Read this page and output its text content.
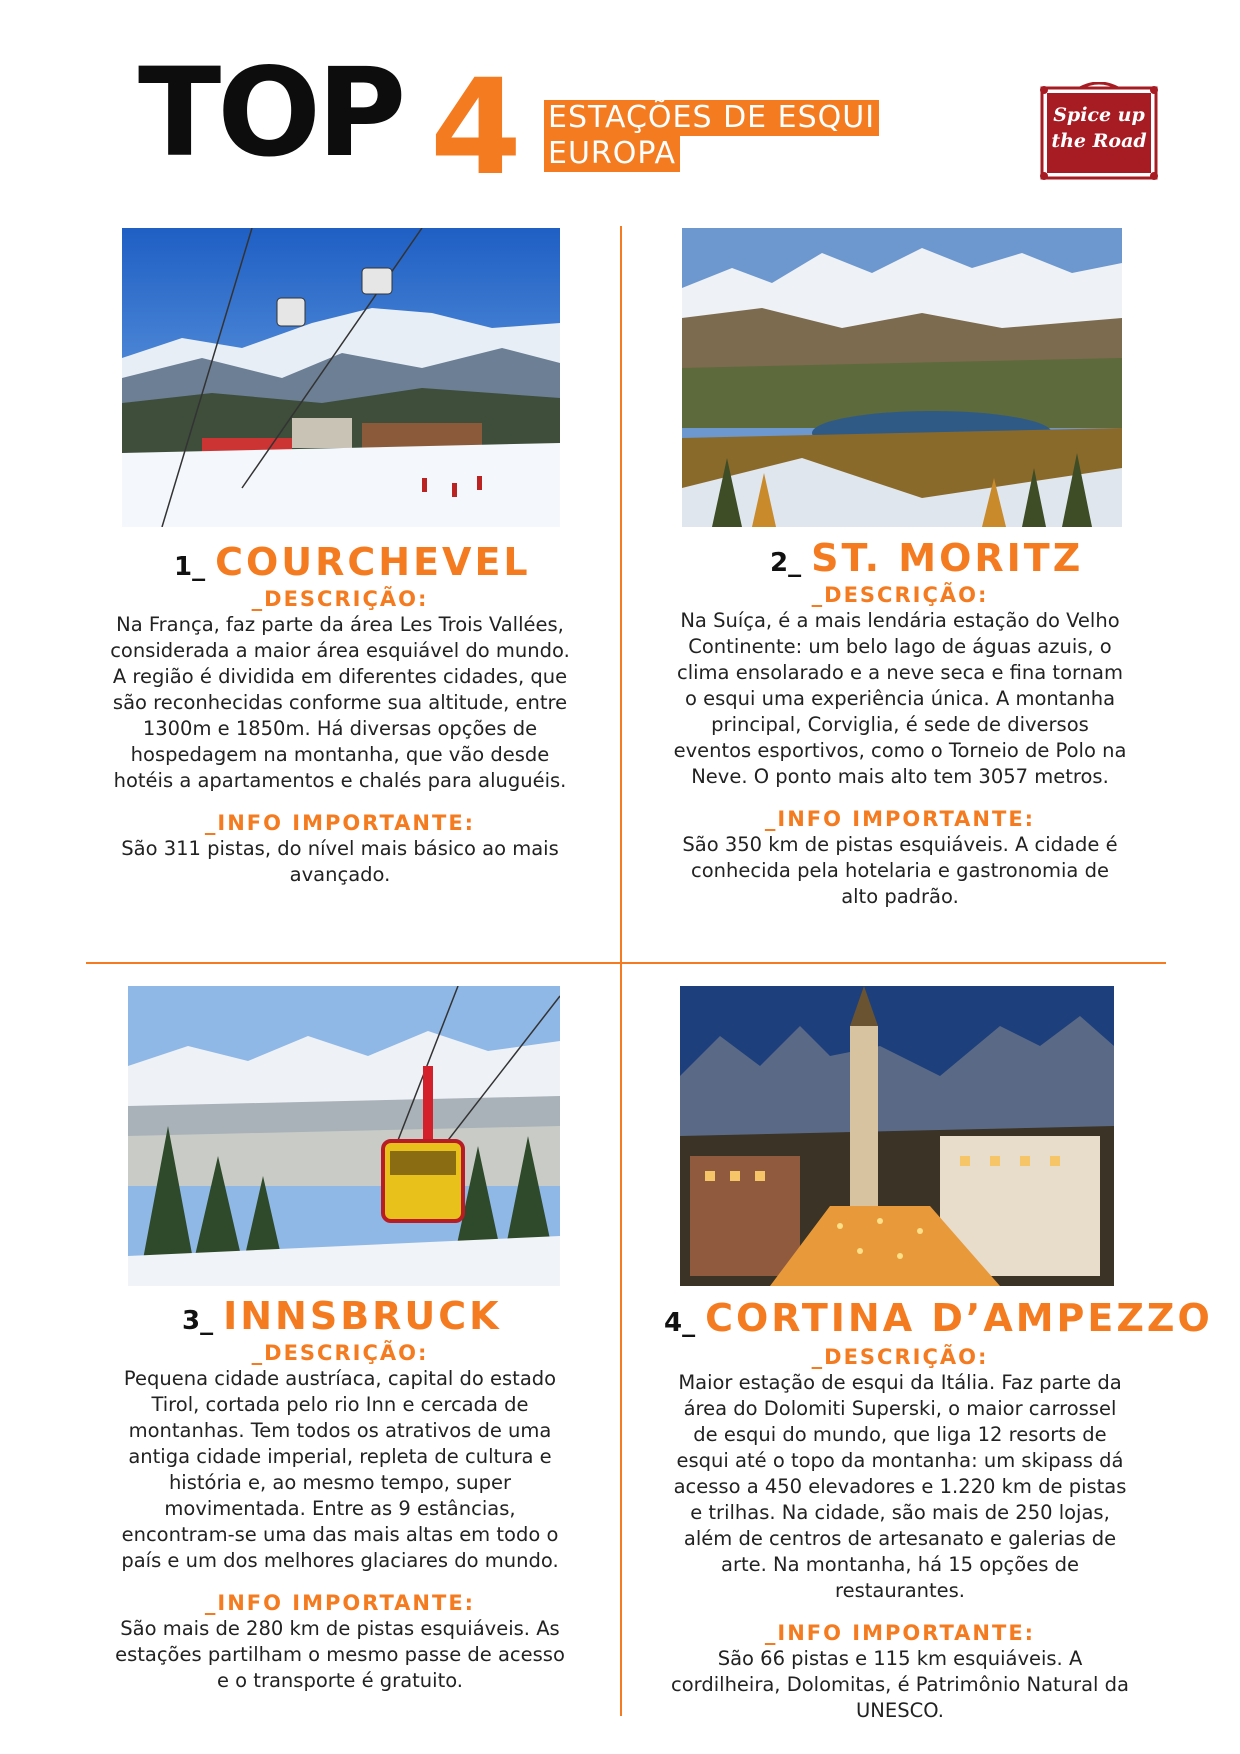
TOP 4 ESTAÇÕES DE ESQUI
EUROPA
Spice up
the Road
1_ COURCHEVEL
_DESCRIÇÃO:
Na França, faz parte da área Les Trois Vallées, considerada a maior área esquiável do mundo. A região é dividida em diferentes cidades, que são reconhecidas conforme sua altitude, entre 1300m e 1850m. Há diversas opções de hospedagem na montanha, que vão desde hotéis a apartamentos e chalés para aluguéis.
_INFO IMPORTANTE:
São 311 pistas, do nível mais básico ao mais avançado.
2_ ST. MORITZ
_DESCRIÇÃO:
Na Suíça, é a mais lendária estação do Velho Continente: um belo lago de águas azuis, o clima ensolarado e a neve seca e fina tornam o esqui uma experiência única. A montanha principal, Corviglia, é sede de diversos eventos esportivos, como o Torneio de Polo na Neve. O ponto mais alto tem 3057 metros.
_INFO IMPORTANTE:
São 350 km de pistas esquiáveis. A cidade é conhecida pela hotelaria e gastronomia de alto padrão.
3_ INNSBRUCK
_DESCRIÇÃO:
Pequena cidade austríaca, capital do estado Tirol, cortada pelo rio Inn e cercada de montanhas. Tem todos os atrativos de uma antiga cidade imperial, repleta de cultura e história e, ao mesmo tempo, super movimentada. Entre as 9 estâncias, encontram-se uma das mais altas em todo o país e um dos melhores glaciares do mundo.
_INFO IMPORTANTE:
São mais de 280 km de pistas esquiáveis. As estações partilham o mesmo passe de acesso e o transporte é gratuito.
4_ CORTINA D’AMPEZZO
_DESCRIÇÃO:
Maior estação de esqui da Itália. Faz parte da área do Dolomiti Superski, o maior carrossel de esqui do mundo, que liga 12 resorts de esqui até o topo da montanha: um skipass dá acesso a 450 elevadores e 1.220 km de pistas e trilhas. Na cidade, são mais de 250 lojas, além de centros de artesanato e galerias de arte. Na montanha, há 15 opções de restaurantes.
_INFO IMPORTANTE:
São 66 pistas e 115 km esquiáveis. A cordilheira, Dolomitas, é Patrimônio Natural da UNESCO.
